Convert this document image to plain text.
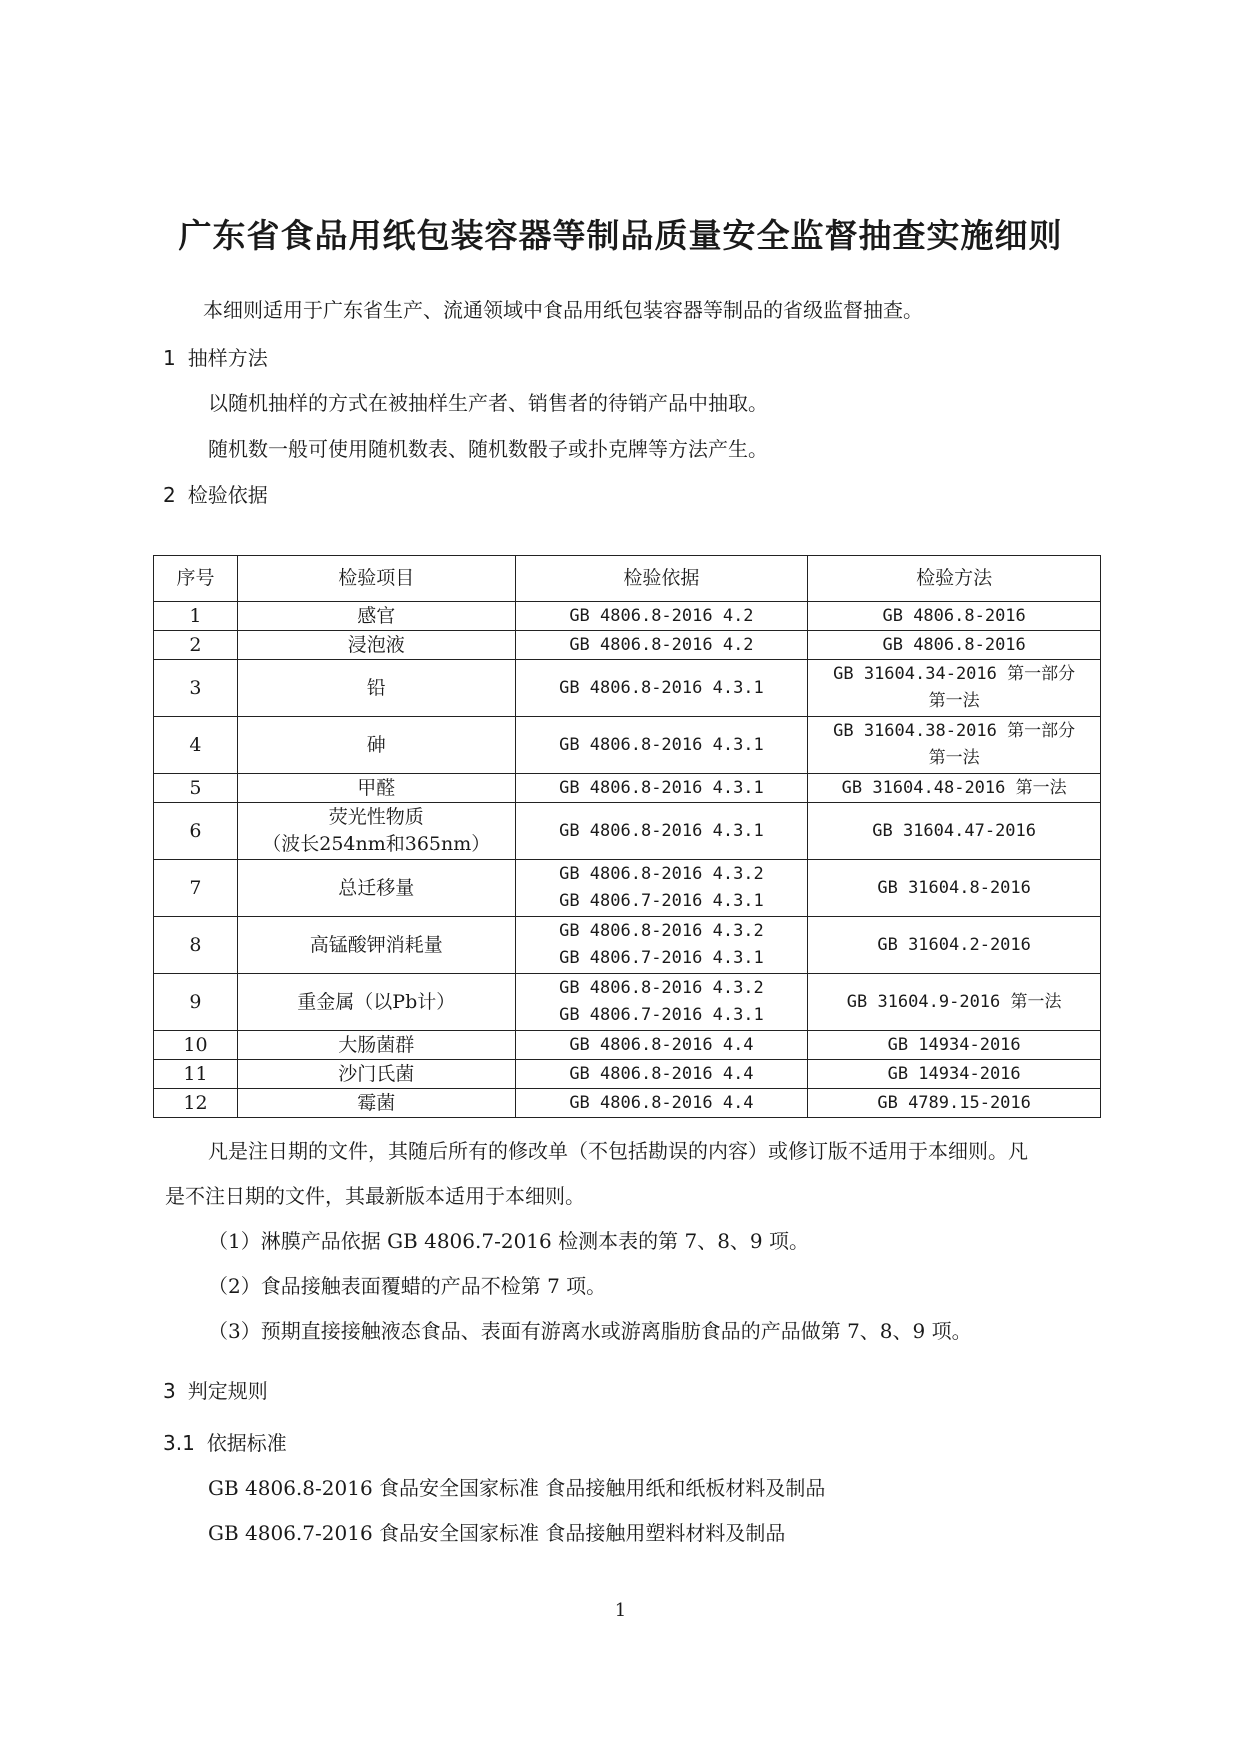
广东省食品用纸包装容器等制品质量安全监督抽查实施细则

本细则适用于广东省生产、流通领域中食品用纸包装容器等制品的省级监督抽查。

1 抽样方法

以随机抽样的方式在被抽样生产者、销售者的待销产品中抽取。

随机数一般可使用随机数表、随机数骰子或扑克牌等方法产生。

2 检验依据
序号	检验项目	检验依据	检验方法

1	感官	GB 4806.8-2016 4.2	GB 4806.8-2016

2	浸泡液	GB 4806.8-2016 4.2	GB 4806.8-2016

3	铅	GB 4806.8-2016 4.3.1	GB 31604.34-2016 第一部分
第一法

4	砷	GB 4806.8-2016 4.3.1	GB 31604.38-2016 第一部分
第一法

5	甲醛	GB 4806.8-2016 4.3.1	GB 31604.48-2016 第一法

6	荧光性物质
（波长254nm和365nm）	GB 4806.8-2016 4.3.1	GB 31604.47-2016

7	总迁移量	GB 4806.8-2016 4.3.2
GB 4806.7-2016 4.3.1	GB 31604.8-2016

8	高锰酸钾消耗量	GB 4806.8-2016 4.3.2
GB 4806.7-2016 4.3.1	GB 31604.2-2016

9	重金属（以Pb计）	GB 4806.8-2016 4.3.2
GB 4806.7-2016 4.3.1	GB 31604.9-2016 第一法

10	大肠菌群	GB 4806.8-2016 4.4	GB 14934-2016

11	沙门氏菌	GB 4806.8-2016 4.4	GB 14934-2016

12	霉菌	GB 4806.8-2016 4.4	GB 4789.15-2016

凡是注日期的文件，其随后所有的修改单（不包括勘误的内容）或修订版不适用于本细则。凡

是不注日期的文件，其最新版本适用于本细则。

（1）淋膜产品依据 GB 4806.7-2016 检测本表的第 7、8、9 项。

（2）食品接触表面覆蜡的产品不检第 7 项。

（3）预期直接接触液态食品、表面有游离水或游离脂肪食品的产品做第 7、8、9 项。

3 判定规则
3.1 依据标准

GB 4806.8-2016 食品安全国家标准 食品接触用纸和纸板材料及制品

GB 4806.7-2016 食品安全国家标准 食品接触用塑料材料及制品

1
